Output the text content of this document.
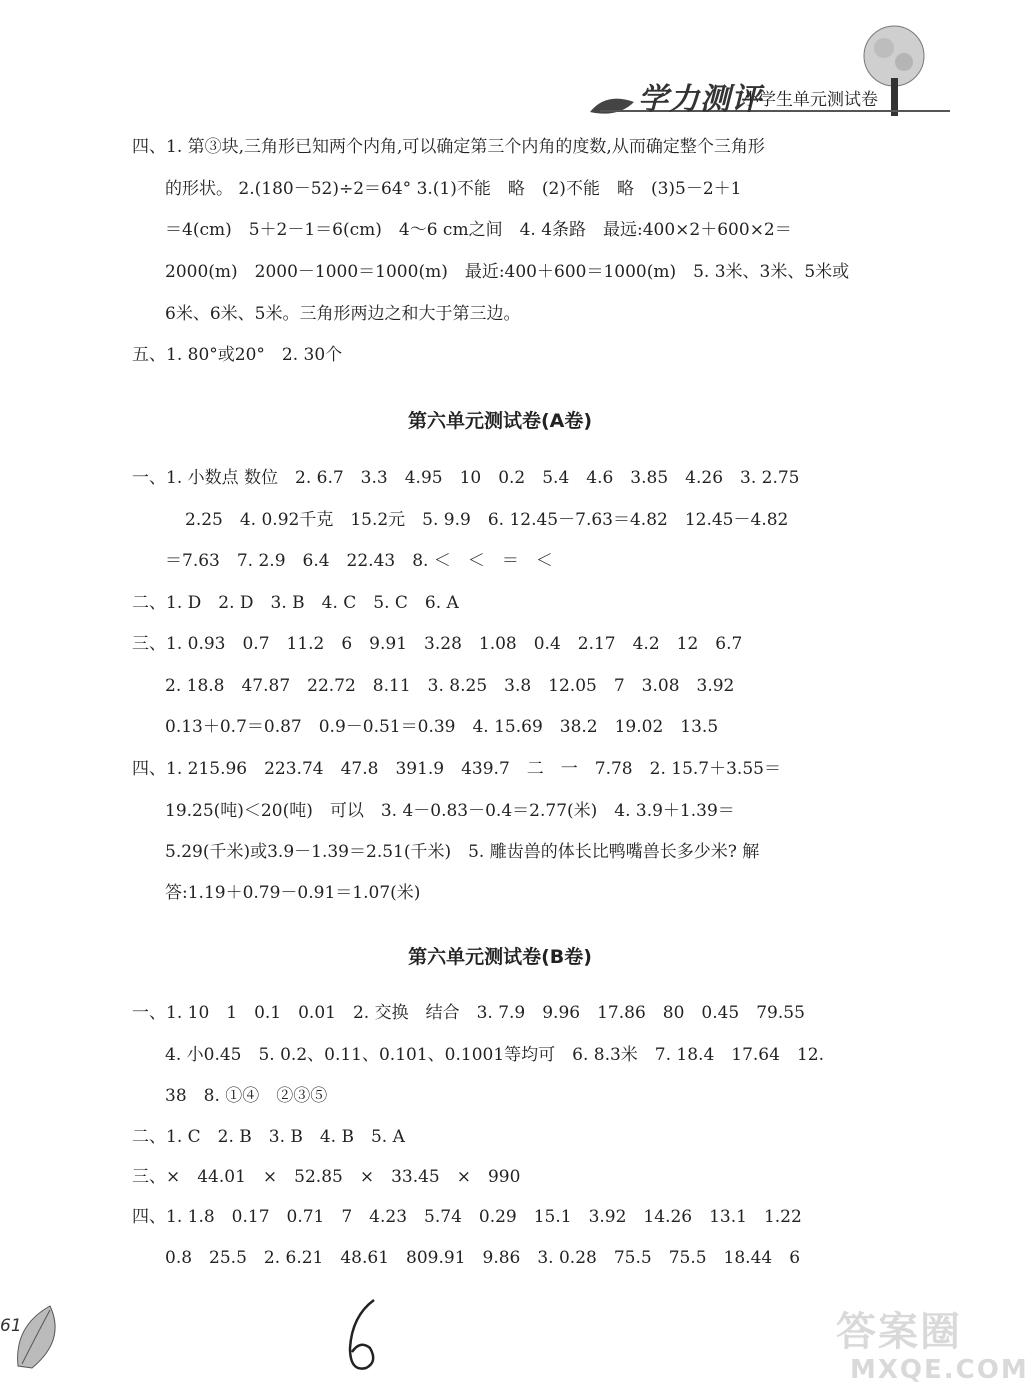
学力测评
小学生单元测试卷
四、1. 第③块,三角形已知两个内角,可以确定第三个内角的度数,从而确定整个三角形
的形状。 2.(180－52)÷2＝64° 3.(1)不能　略　(2)不能　略　(3)5－2＋1
＝4(cm)　5＋2－1＝6(cm)　4～6 cm之间　4. 4条路　最远:400×2＋600×2＝
2000(m)　2000－1000＝1000(m)　最近:400＋600＝1000(m)　5. 3米、3米、5米或
6米、6米、5米。三角形两边之和大于第三边。
五、1. 80°或20°　2. 30个
第六单元测试卷(A卷)
一、1. 小数点 数位　2. 6.7　3.3　4.95　10　0.2　5.4　4.6　3.85　4.26　3. 2.75
2.25　4. 0.92千克　15.2元　5. 9.9　6. 12.45－7.63＝4.82　12.45－4.82
＝7.63　7. 2.9　6.4　22.43　8. ＜　＜　＝　＜
二、1. D　2. D　3. B　4. C　5. C　6. A
三、1. 0.93　0.7　11.2　6　9.91　3.28　1.08　0.4　2.17　4.2　12　6.7
2. 18.8　47.87　22.72　8.11　3. 8.25　3.8　12.05　7　3.08　3.92
0.13＋0.7＝0.87　0.9－0.51＝0.39　4. 15.69　38.2　19.02　13.5
四、1. 215.96　223.74　47.8　391.9　439.7　二　一　7.78　2. 15.7＋3.55＝
19.25(吨)＜20(吨)　可以　3. 4－0.83－0.4＝2.77(米)　4. 3.9＋1.39＝
5.29(千米)或3.9－1.39＝2.51(千米)　5. 雕齿兽的体长比鸭嘴兽长多少米? 解
答:1.19＋0.79－0.91＝1.07(米)
第六单元测试卷(B卷)
一、1. 10　1　0.1　0.01　2. 交换　结合　3. 7.9　9.96　17.86　80　0.45　79.55
4. 小0.45　5. 0.2、0.11、0.101、0.1001等均可　6. 8.3米　7. 18.4　17.64　12.
38　8. ①④　②③⑤
二、1. C　2. B　3. B　4. B　5. A
三、×　44.01　×　52.85　×　33.45　×　990
四、1. 1.8　0.17　0.71　7　4.23　5.74　0.29　15.1　3.92　14.26　13.1　1.22
0.8　25.5　2. 6.21　48.61　809.91　9.86　3. 0.28　75.5　75.5　18.44　6
61	答案圈
MXQE.COM
